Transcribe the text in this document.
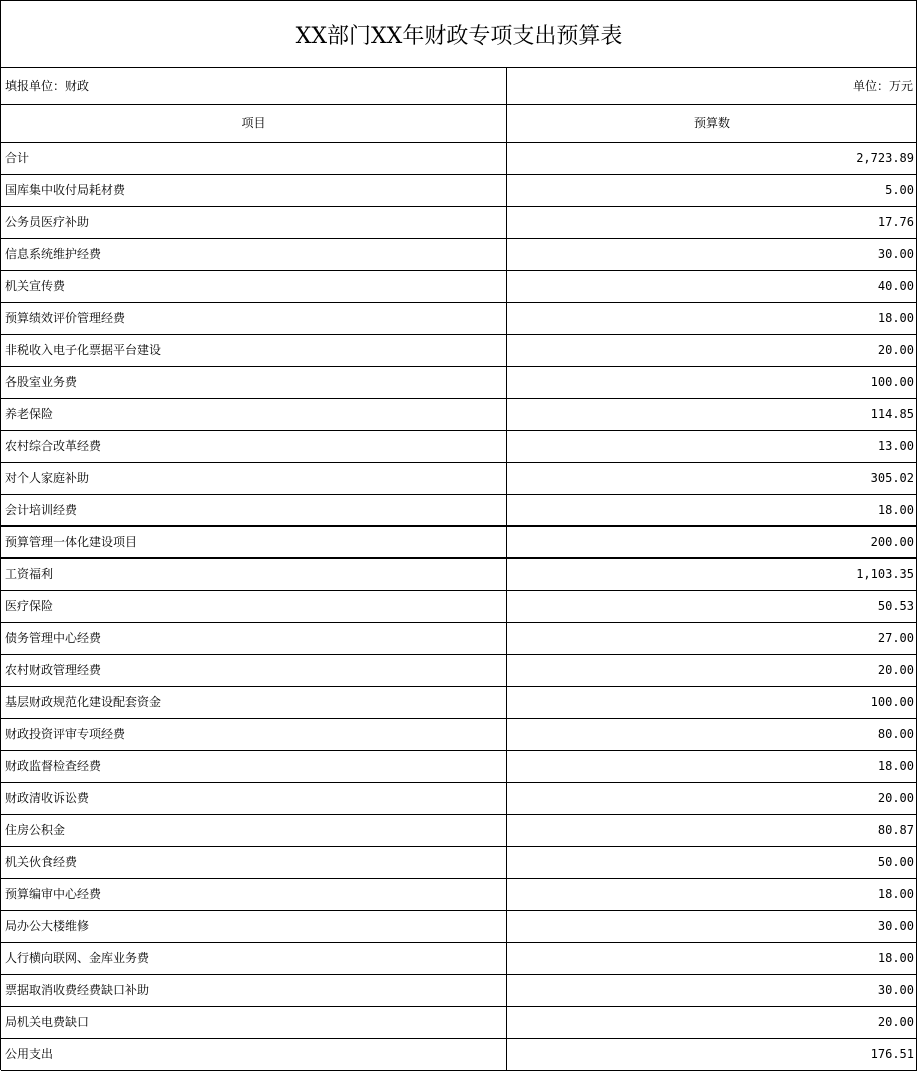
XX部门XX年财政专项支出预算表
填报单位：财政	单位：万元
项目	预算数
合计	2,723.89
国库集中收付局耗材费	5.00
公务员医疗补助	17.76
信息系统维护经费	30.00
机关宣传费	40.00
预算绩效评价管理经费	18.00
非税收入电子化票据平台建设	20.00
各股室业务费	100.00
养老保险	114.85
农村综合改革经费	13.00
对个人家庭补助	305.02
会计培训经费	18.00
预算管理一体化建设项目	200.00
工资福利	1,103.35
医疗保险	50.53
债务管理中心经费	27.00
农村财政管理经费	20.00
基层财政规范化建设配套资金	100.00
财政投资评审专项经费	80.00
财政监督检查经费	18.00
财政清收诉讼费	20.00
住房公积金	80.87
机关伙食经费	50.00
预算编审中心经费	18.00
局办公大楼维修	30.00
人行横向联网、金库业务费	18.00
票据取消收费经费缺口补助	30.00
局机关电费缺口	20.00
公用支出	176.51
